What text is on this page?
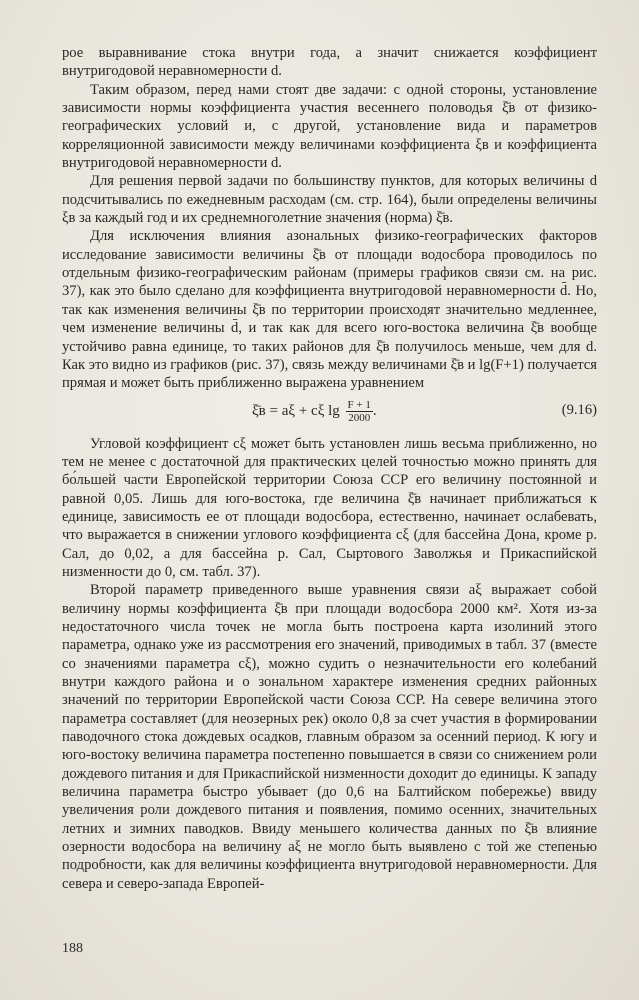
рое выравнивание стока внутри года, а значит снижается коэффициент внутригодовой неравномерности d.

Таким образом, перед нами стоят две задачи: с одной стороны, установление зависимости нормы коэффициента участия весеннего половодья ξ̄в от физико-географических условий и, с другой, установление вида и параметров корреляционной зависимости между величинами коэффициента ξв и коэффициента внутригодовой неравномерности d.

Для решения первой задачи по большинству пунктов, для которых величины d подсчитывались по ежедневным расходам (см. стр. 164), были определены величины ξв за каждый год и их среднемноголетние значения (норма) ξ̄в.

Для исключения влияния азональных физико-географических факторов исследование зависимости величины ξ̄в от площади водосбора проводилось по отдельным физико-географическим районам (примеры графиков связи см. на рис. 37), как это было сделано для коэффициента внутригодовой неравномерности d̄. Но, так как изменения величины ξ̄в по территории происходят значительно медленнее, чем изменение величины d̄, и так как для всего юго-востока величина ξ̄в вообще устойчиво равна единице, то таких районов для ξ̄в получилось меньше, чем для d. Как это видно из графиков (рис. 37), связь между величинами ξ̄в и lg(F+1) получается прямая и может быть приближенно выражена уравнением

ξ̄в = aξ + cξ $\lg \frac{F + 1}{2000}$ .	(9.16)

Угловой коэффициент cξ может быть установлен лишь весьма приближенно, но тем не менее с достаточной для практических целей точностью можно принять для бо́льшей части Европейской территории Союза ССР его величину постоянной и равной 0,05. Лишь для юго-востока, где величина ξ̄в начинает приближаться к единице, зависимость ее от площади водосбора, естественно, начинает ослабевать, что выражается в снижении углового коэффициента cξ (для бассейна Дона, кроме р. Сал, до 0,02, а для бассейна р. Сал, Сыртового Заволжья и Прикаспийской низменности до 0, см. табл. 37).

Второй параметр приведенного выше уравнения связи aξ выражает собой величину нормы коэффициента ξ̄в при площади водосбора 2000 км². Хотя из-за недостаточного числа точек не могла быть построена карта изолиний этого параметра, однако уже из рассмотрения его значений, приводимых в табл. 37 (вместе со значениями параметра cξ), можно судить о незначительности его колебаний внутри каждого района и о зональном характере изменения средних районных значений по территории Европейской части Союза ССР. На севере величина этого параметра составляет (для неозерных рек) около 0,8 за счет участия в формировании паводочного стока дождевых осадков, главным образом за осенний период. К югу и юго-востоку величина параметра постепенно повышается в связи со снижением роли дождевого питания и для Прикаспийской низменности доходит до единицы. К западу величина параметра быстро убывает (до 0,6 на Балтийском побережье) ввиду увеличения роли дождевого питания и появления, помимо осенних, значительных летних и зимних паводков. Ввиду меньшего количества данных по ξ̄в влияние озерности водосбора на величину aξ не могло быть выявлено с той же степенью подробности, как для величины коэффициента внутригодовой неравномерности. Для севера и северо-запада Европей-

188
